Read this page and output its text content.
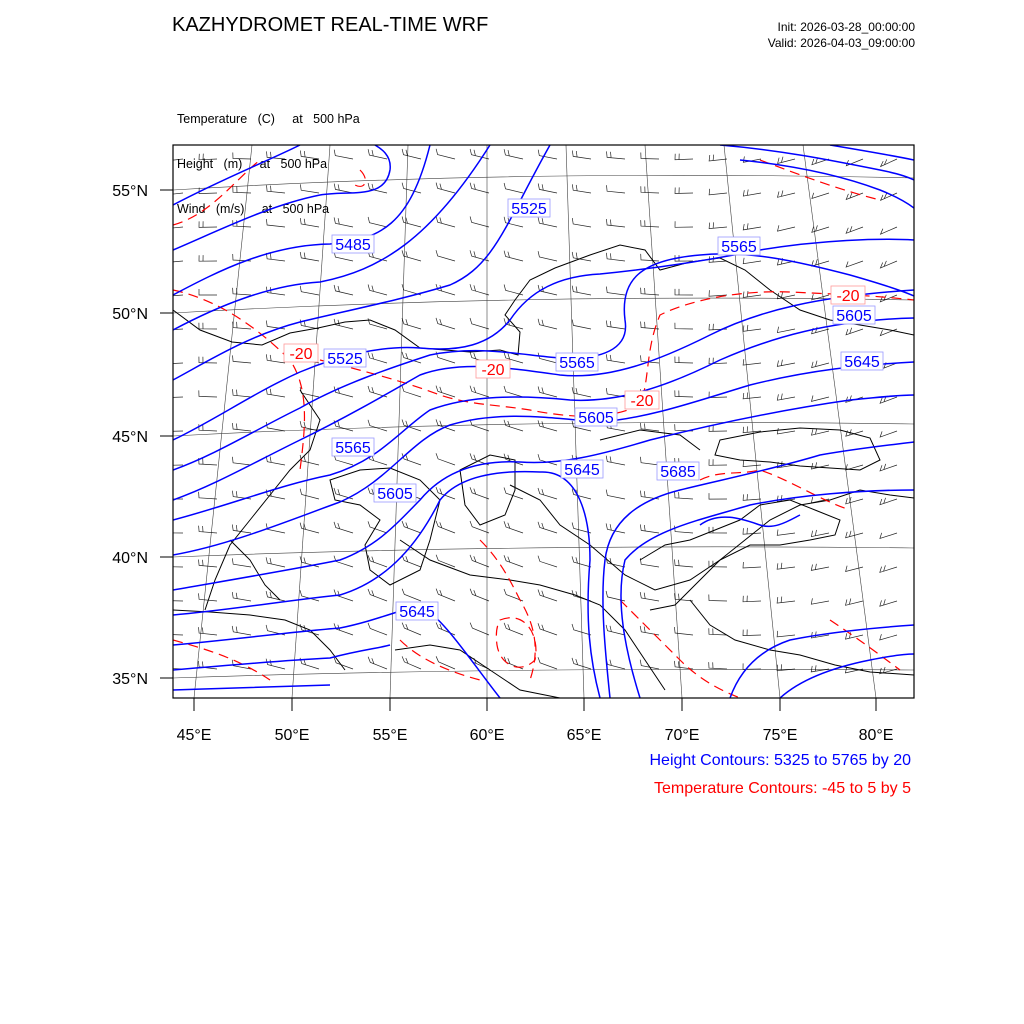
KAZHYDROMET REAL-TIME WRF	Init: 2026-03-28_00:00:00
Valid: 2026-04-03_09:00:00

Temperature   (C)     at   500 hPa

Height   (m)     at   500 hPa

Wind   (m/s)     at   500 hPa

55°N
50°N
45°N
40°N
35°N
45°E	50°E	55°E	60°E	65°E	70°E	75°E	80°E
5525
5485	5565
5525	5565
5605
5645
5605
5645
5565
5605
5645
5685
-20
-20
-20
-20
Height Contours: 5325 to 5765 by 20
Temperature Contours: -45 to 5 by 5
